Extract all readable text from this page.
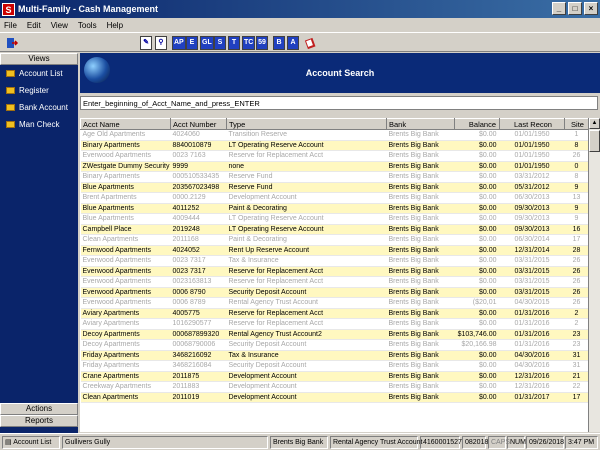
S Multi-Family - Cash Management	_	□	×
File Edit View Tools Help
✎	⚲	AP E	GL S	T	TC 59	B	A
Views
Account List
Register
Bank Account
Man Check
Actions
Reports
Account Search
Enter_beginning_of_Acct_Name_and_press_ENTER
Acct Name	Acct Number	Type	Bank	Balance	Last Recon	Site
Age Old Apartments	4024060	Transition Reserve	Brents Big Bank	$0.00	01/01/1950	1
Binary Apartments	8840010879	LT Operating Reserve Account	Brents Big Bank	$0.00	01/01/1950	8
Everwood Apartments	0023 7163	Reserve for Replacement Acct	Brents Big Bank	$0.00	01/01/1950	26
ZWestgate Dummy Security	9999	none	Brents Big Bank	$0.00	01/01/1950	0
Binary Apartments	000510533435	Reserve Fund	Brents Big Bank	$0.00	03/31/2012	8
Blue Apartments	203567023498	Reserve Fund	Brents Big Bank	$0.00	05/31/2012	9
Brent Apartments	0000.2129	Development Account	Brents Big Bank	$0.00	06/30/2013	13
Blue Apartments	4011252	Paint & Decorating	Brents Big Bank	$0.00	09/30/2013	9
Blue Apartments	4009444	LT Operating Reserve Account	Brents Big Bank	$0.00	09/30/2013	9
Campbell Place	2019248	LT Operating Reserve Account	Brents Big Bank	$0.00	09/30/2013	16
Clean Apartments	2011168	Paint & Decorating	Brents Big Bank	$0.00	06/30/2014	17
Fernwood Apartments	4024052	Rent Up Reserve Account	Brents Big Bank	$0.00	12/31/2014	28
Everwood Apartments	0023 7317	Tax & Insurance	Brents Big Bank	$0.00	03/31/2015	26
Everwood Apartments	0023 7317	Reserve for Replacement Acct	Brents Big Bank	$0.00	03/31/2015	26
Everwood Apartments	0023163813	Reserve for Replacement Acct	Brents Big Bank	$0.00	03/31/2015	26
Everwood Apartments	0006 8790	Security Deposit Account	Brents Big Bank	$0.00	03/31/2015	26
Everwood Apartments	0006 8789	Rental Agency Trust Account	Brents Big Bank	($20,01	04/30/2015	26
Aviary Apartments	4005775	Reserve for Replacement Acct	Brents Big Bank	$0.00	01/31/2016	2
Aviary Apartments	1016290577	Reserve for Replacement Acct	Brents Big Bank	$0.00	01/31/2016	2
Decoy Apartments	000687899320	Rental Agency Trust Account2	Brents Big Bank	$103,746.00	01/31/2016	23
Decoy Apartments	00068790006	Security Deposit Account	Brents Big Bank	$20,166.98	01/31/2016	23
Friday Apartments	3468216092	Tax & Insurance	Brents Big Bank	$0.00	04/30/2016	31
Friday Apartments	3468216084	Security Deposit Account	Brents Big Bank	$0.00	04/30/2016	31
Crane Apartments	2011875	Development Account	Brents Big Bank	$0.00	12/31/2016	21
Creekway Apartments	2011883	Development Account	Brents Big Bank	$0.00	12/31/2016	22
Clean Apartments	2011019	Development Account	Brents Big Bank	$0.00	01/31/2017	17
▲
▤ Account List	Gullivers Gully	Brents Big Bank	Rental Agency Trust Account 4160001527 082018 CAPS NUM 09/26/2018 3:47 PM
